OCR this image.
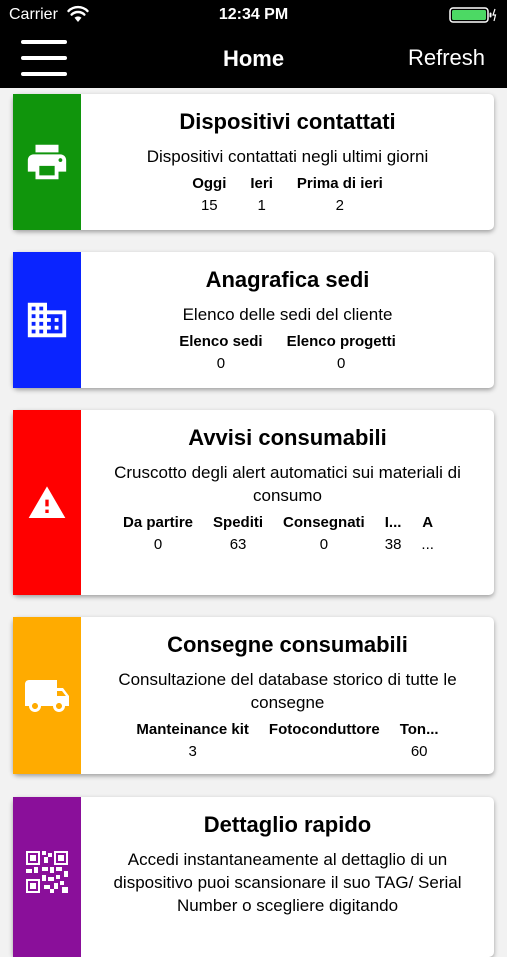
Carrier	12:34 PM
Home	Refresh
Dispositivi contattati
Dispositivi contattati negli ultimi giorni
Oggi
15
Ieri
1
Prima di ieri
2
Anagrafica sedi
Elenco delle sedi del cliente
Elenco sedi
0
Elenco progetti
0
Avvisi consumabili
Cruscotto degli alert automatici sui materiali di consumo
Da partire
0
Spediti
63
Consegnati
0
I...
38
A
...
Consegne consumabili
Consultazione del database storico di tutte le consegne
Manteinance kit
3
Fotoconduttore Ton...
60
Dettaglio rapido
Accedi instantaneamente al dettaglio di un dispositivo puoi scansionare il suo TAG/ Serial Number o scegliere digitando
